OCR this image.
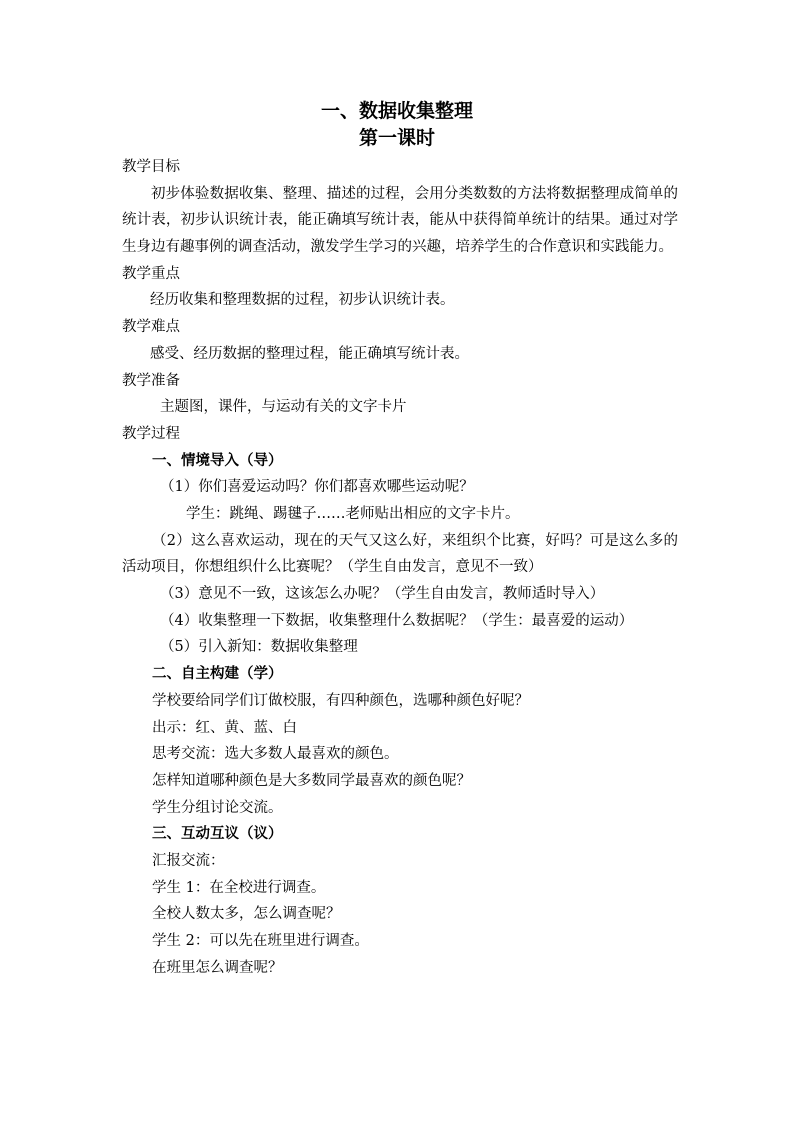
一、数据收集整理
第一课时
教学目标
初步体验数据收集、整理、描述的过程，会用分类数数的方法将数据整理成简单的统计表，初步认识统计表，能正确填写统计表，能从中获得简单统计的结果。通过对学生身边有趣事例的调查活动，激发学生学习的兴趣，培养学生的合作意识和实践能力。
教学重点
经历收集和整理数据的过程，初步认识统计表。
教学难点
感受、经历数据的整理过程，能正确填写统计表。
教学准备
主题图，课件，与运动有关的文字卡片
教学过程
一、情境导入（导）
（1）你们喜爱运动吗？你们都喜欢哪些运动呢？
学生：跳绳、踢毽子……老师贴出相应的文字卡片。
（2）这么喜欢运动，现在的天气又这么好，来组织个比赛，好吗？可是这么多的活动项目，你想组织什么比赛呢？（学生自由发言，意见不一致）
（3）意见不一致，这该怎么办呢？（学生自由发言，教师适时导入）
（4）收集整理一下数据，收集整理什么数据呢？（学生：最喜爱的运动）
（5）引入新知：数据收集整理
二、自主构建（学）
学校要给同学们订做校服，有四种颜色，选哪种颜色好呢？
出示：红、黄、蓝、白
思考交流：选大多数人最喜欢的颜色。
怎样知道哪种颜色是大多数同学最喜欢的颜色呢？
学生分组讨论交流。
三、互动互议（议）
汇报交流：
学生 1：在全校进行调查。
全校人数太多，怎么调查呢？
学生 2：可以先在班里进行调查。
在班里怎么调查呢？
